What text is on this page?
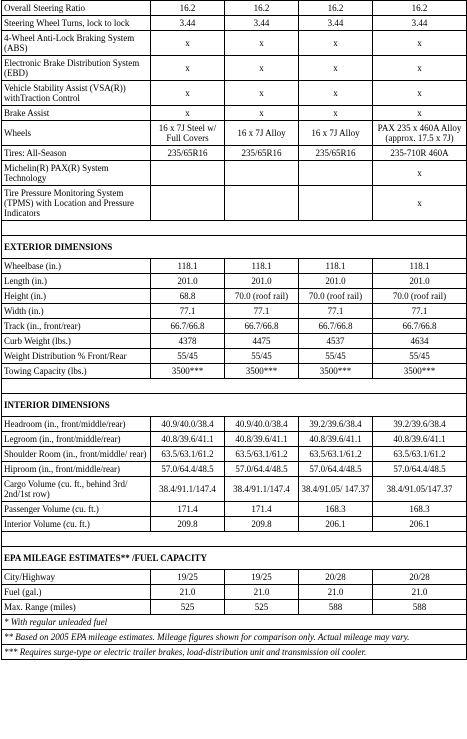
Overall Steering Ratio	16.2	16.2	16.2	16.2
Steering Wheel Turns, lock to lock	3.44	3.44	3.44	3.44
4-Wheel Anti-Lock Braking System (ABS)	x	x	x	x
Electronic Brake Distribution System (EBD)	x	x	x	x
Vehicle Stability Assist (VSA(R)) withTraction Control	x	x	x	x
Brake Assist	x	x	x	x
Wheels	16 x 7J Steel w/ Full Covers	16 x 7J Alloy	16 x 7J Alloy	PAX 235 x 460A Alloy (approx. 17.5 x 7J)
Tires: All-Season	235/65R16	235/65R16	235/65R16	235-710R 460A
Michelin(R) PAX(R) System Technology				x
Tire Pressure Monitoring System (TPMS) with Location and Pressure Indicators				x

EXTERIOR DIMENSIONS				
Wheelbase (in.)	118.1	118.1	118.1	118.1
Length (in.)	201.0	201.0	201.0	201.0
Height (in.)	68.8	70.0 (roof rail)	70.0 (roof rail)	70.0 (roof rail)
Width (in.)	77.1	77.1	77.1	77.1
Track (in., front/rear)	66.7/66.8	66.7/66.8	66.7/66.8	66.7/66.8
Curb Weight (lbs.)	4378	4475	4537	4634
Weight Distribution % Front/Rear	55/45	55/45	55/45	55/45
Towing Capacity (lbs.)	3500***	3500***	3500***	3500***

INTERIOR DIMENSIONS				
Headroom (in., front/middle/rear)	40.9/40.0/38.4	40.9/40.0/38.4	39.2/39.6/38.4	39.2/39.6/38.4
Legroom (in., front/middle/rear)	40.8/39.6/41.1	40.8/39.6/41.1	40.8/39.6/41.1	40.8/39.6/41.1
Shoulder Room (in., front/middle/ rear)	63.5/63.1/61.2	63.5/63.1/61.2	63.5/63.1/61.2	63.5/63.1/61.2
Hiproom (in., front/middle/rear)	57.0/64.4/48.5	57.0/64.4/48.5	57.0/64.4/48.5	57.0/64.4/48.5
Cargo Volume (cu. ft., behind 3rd/ 2nd/1st row)	38.4/91.1/147.4	38.4/91.1/147.4	38.4/91.05/ 147.37	38.4/91.05/147.37
Passenger Volume (cu. ft.)	171.4	171.4	168.3	168.3
Interior Volume (cu. ft.)	209.8	209.8	206.1	206.1

EPA MILEAGE ESTIMATES** /FUEL CAPACITY				
City/Highway	19/25	19/25	20/28	20/28
Fuel (gal.)	21.0	21.0	21.0	21.0
Max. Range (miles)	525	525	588	588
* With regular unleaded fuel				
** Based on 2005 EPA mileage estimates. Mileage figures shown for comparison only. Actual mileage may vary.				
*** Requires surge-type or electric trailer brakes, load-distribution unit and transmission oil cooler.				
